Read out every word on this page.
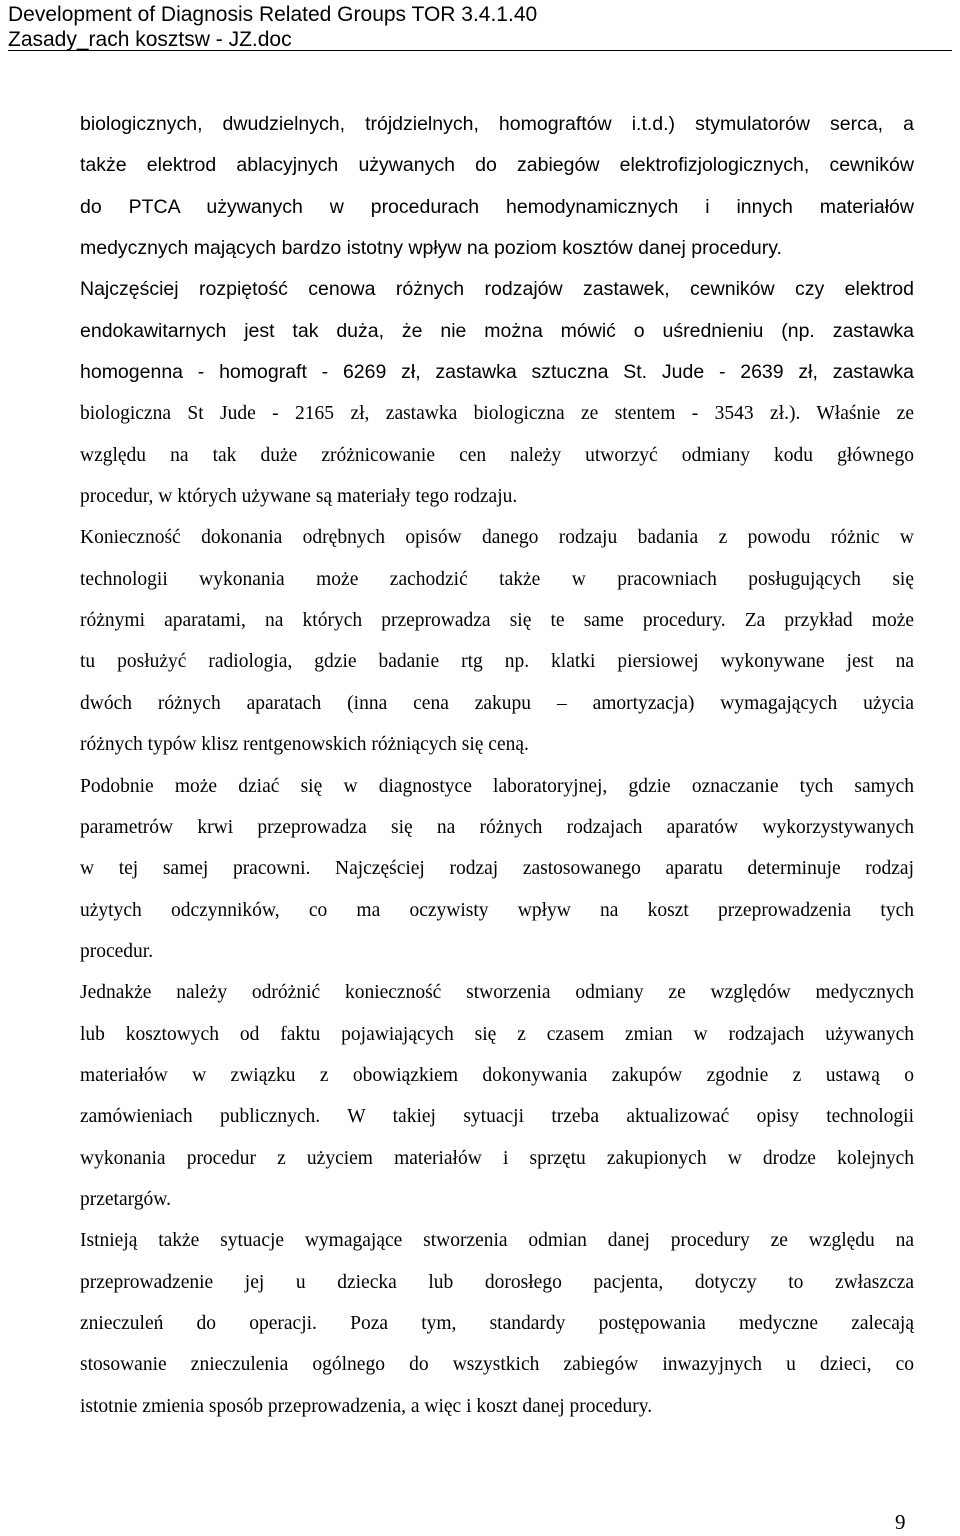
Development of Diagnosis Related Groups TOR 3.4.1.40
Zasady_rach kosztsw - JZ.doc
biologicznych, dwudzielnych, trójdzielnych, homograftów i.t.d.) stymulatorów serca, a
także elektrod ablacyjnych używanych do zabiegów elektrofizjologicznych, cewników
do PTCA używanych w procedurach hemodynamicznych i innych materiałów
medycznych mających bardzo istotny wpływ na poziom kosztów danej procedury.
Najczęściej rozpiętość cenowa różnych rodzajów zastawek, cewników czy elektrod
endokawitarnych jest tak duża, że nie można mówić o uśrednieniu (np. zastawka
homogenna - homograft - 6269 zł, zastawka sztuczna St. Jude - 2639 zł, zastawka
biologiczna St Jude - 2165 zł, zastawka biologiczna ze stentem - 3543 zł.). Właśnie ze
względu na tak duże zróżnicowanie cen należy utworzyć odmiany kodu głównego
procedur, w których używane są materiały tego rodzaju.
Konieczność dokonania odrębnych opisów danego rodzaju badania z powodu różnic w
technologii wykonania może zachodzić także w pracowniach posługujących się
różnymi aparatami, na których przeprowadza się te same procedury. Za przykład może
tu posłużyć radiologia, gdzie badanie rtg np. klatki piersiowej wykonywane jest na
dwóch różnych aparatach (inna cena zakupu – amortyzacja) wymagających użycia
różnych typów klisz rentgenowskich różniących się ceną.
Podobnie może dziać się w diagnostyce laboratoryjnej, gdzie oznaczanie tych samych
parametrów krwi przeprowadza się na różnych rodzajach aparatów wykorzystywanych
w tej samej pracowni. Najczęściej rodzaj zastosowanego aparatu determinuje rodzaj
użytych odczynników, co ma oczywisty wpływ na koszt przeprowadzenia tych
procedur.
Jednakże należy odróżnić konieczność stworzenia odmiany ze względów medycznych
lub kosztowych od faktu pojawiających się z czasem zmian w rodzajach używanych
materiałów w związku z obowiązkiem dokonywania zakupów zgodnie z ustawą o
zamówieniach publicznych. W takiej sytuacji trzeba aktualizować opisy technologii
wykonania procedur z użyciem materiałów i sprzętu zakupionych w drodze kolejnych
przetargów.
Istnieją także sytuacje wymagające stworzenia odmian danej procedury ze względu na
przeprowadzenie jej u dziecka lub dorosłego pacjenta, dotyczy to zwłaszcza
znieczuleń do operacji. Poza tym, standardy postępowania medyczne zalecają
stosowanie znieczulenia ogólnego do wszystkich zabiegów inwazyjnych u dzieci, co
istotnie zmienia sposób przeprowadzenia, a więc i koszt danej procedury.
9
